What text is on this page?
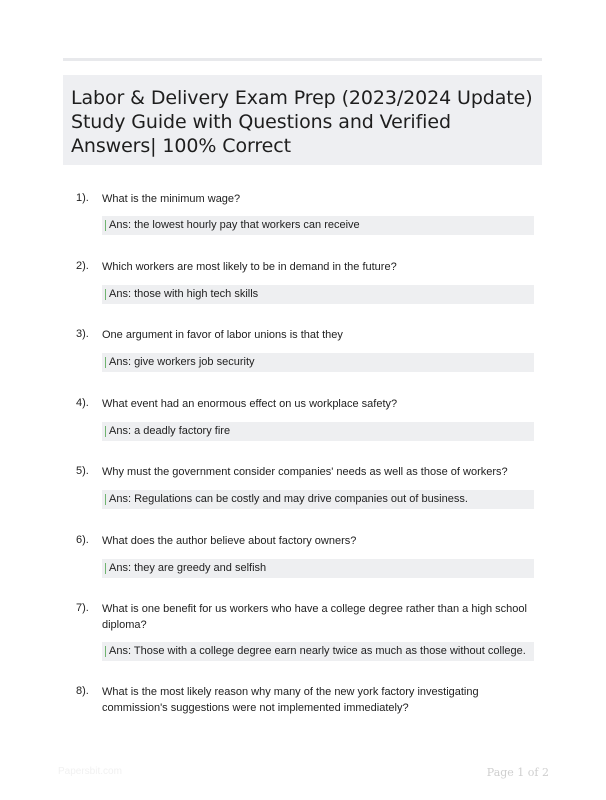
Labor & Delivery Exam Prep (2023/2024 Update) Study Guide with Questions and Verified Answers| 100% Correct
1). What is the minimum wage?
Ans: the lowest hourly pay that workers can receive
2). Which workers are most likely to be in demand in the future?
Ans: those with high tech skills
3). One argument in favor of labor unions is that they
Ans: give workers job security
4). What event had an enormous effect on us workplace safety?
Ans: a deadly factory fire
5). Why must the government consider companies' needs as well as those of workers?
Ans: Regulations can be costly and may drive companies out of business.
6). What does the author believe about factory owners?
Ans: they are greedy and selfish
7). What is one benefit for us workers who have a college degree rather than a high school diploma?
Ans: Those with a college degree earn nearly twice as much as those without college.
8). What is the most likely reason why many of the new york factory investigating commission's suggestions were not implemented immediately?
Papersbit.com	Page 1 of 2
